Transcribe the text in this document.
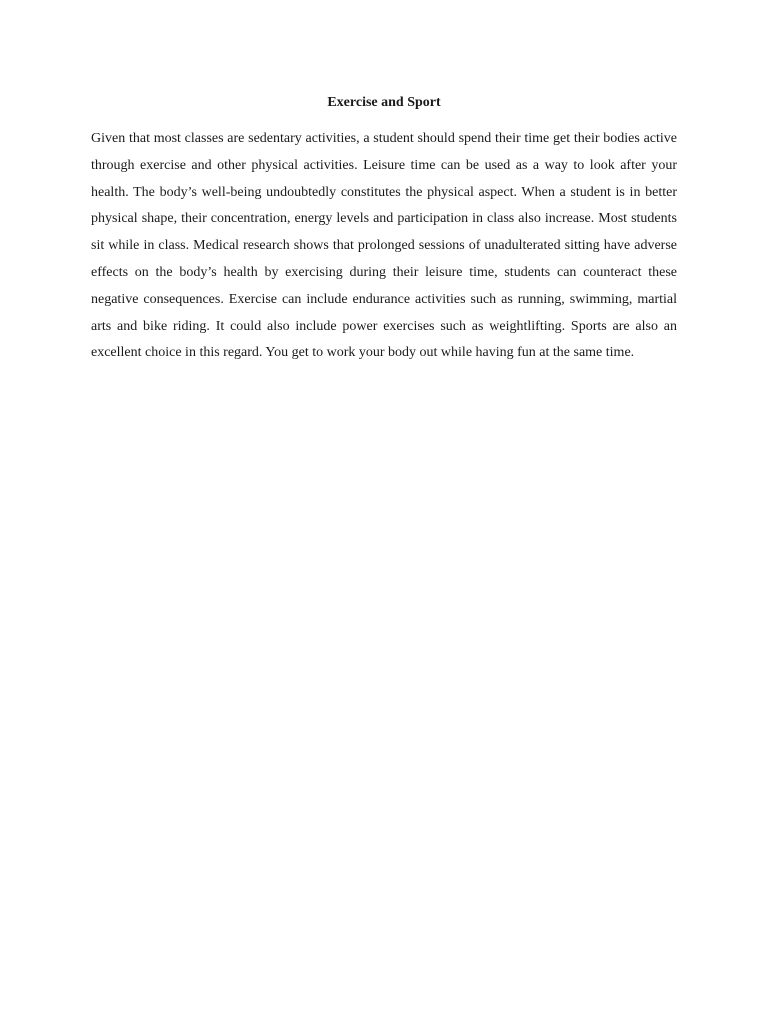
Exercise and Sport

Given that most classes are sedentary activities, a student should spend their time get their bodies active through exercise and other physical activities. Leisure time can be used as a way to look after your health. The body’s well-being undoubtedly constitutes the physical aspect. When a student is in better physical shape, their concentration, energy levels and participation in class also increase. Most students sit while in class. Medical research shows that prolonged sessions of unadulterated sitting have adverse effects on the body’s health by exercising during their leisure time, students can counteract these negative consequences. Exercise can include endurance activities such as running, swimming, martial arts and bike riding. It could also include power exercises such as weightlifting. Sports are also an excellent choice in this regard. You get to work your body out while having fun at the same time.
